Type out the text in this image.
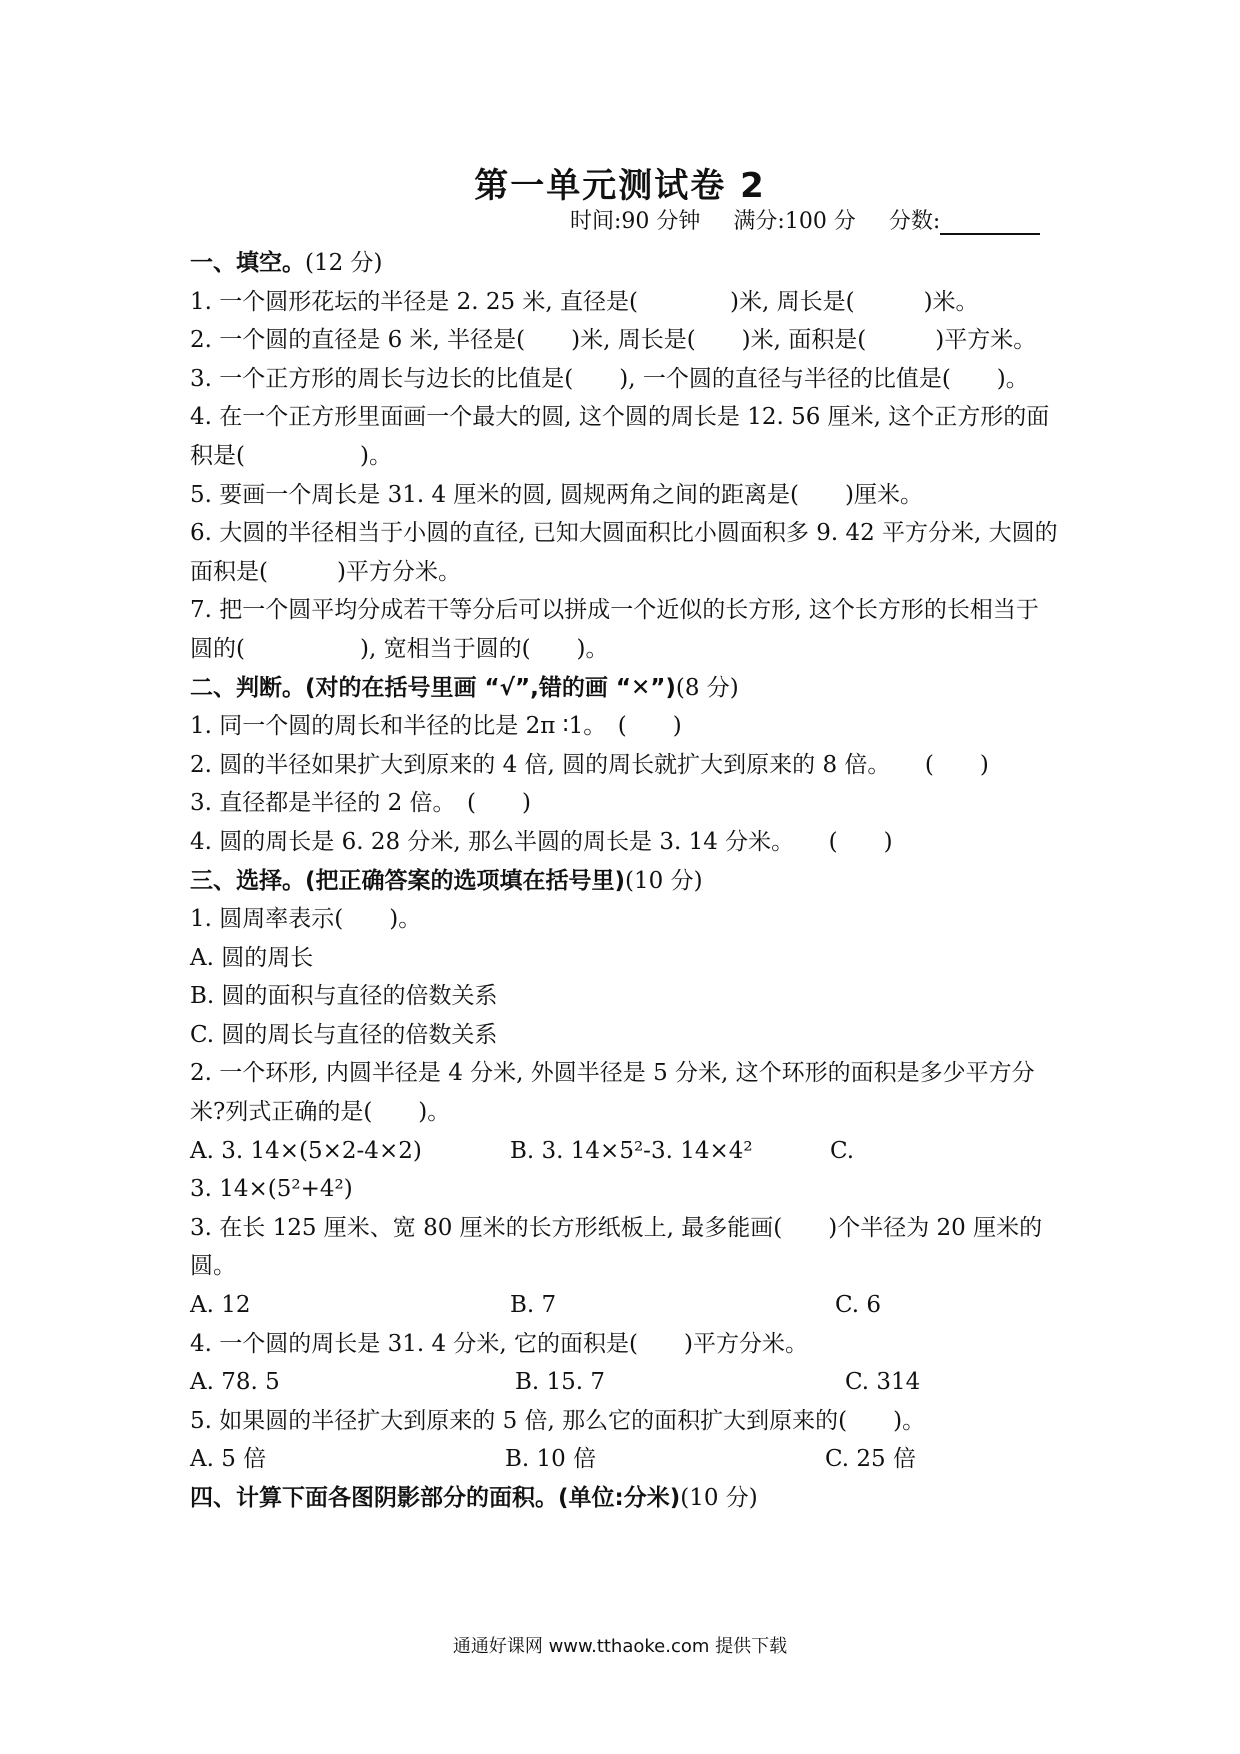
第一单元测试卷 2
时间:90 分钟 满分:100 分 分数:
一、填空。(12 分)

1. 一个圆形花坛的半径是 2. 25 米, 直径是(　　　　)米, 周长是(　　　)米。

2. 一个圆的直径是 6 米, 半径是(　　)米, 周长是(　　)米, 面积是(　　　)平方米。

3. 一个正方形的周长与边长的比值是(　　), 一个圆的直径与半径的比值是(　　)。

4. 在一个正方形里面画一个最大的圆, 这个圆的周长是 12. 56 厘米, 这个正方形的面积是(　　　　　)。

5. 要画一个周长是 31. 4 厘米的圆, 圆规两角之间的距离是(　　)厘米。

6. 大圆的半径相当于小圆的直径, 已知大圆面积比小圆面积多 9. 42 平方分米, 大圆的面积是(　　　)平方分米。

7. 把一个圆平均分成若干等分后可以拼成一个近似的长方形, 这个长方形的长相当于圆的(　　　　　), 宽相当于圆的(　　)。

二、判断。(对的在括号里画 “√”,错的画 “✕”)(8 分)

1. 同一个圆的周长和半径的比是 2π ∶1。　(　　)

2. 圆的半径如果扩大到原来的 4 倍, 圆的周长就扩大到原来的 8 倍。　　(　　)

3. 直径都是半径的 2 倍。　(　　)

4. 圆的周长是 6. 28 分米, 那么半圆的周长是 3. 14 分米。　　(　　)

三、选择。(把正确答案的选项填在括号里)(10 分)

1. 圆周率表示(　　)。

A. 圆的周长

B. 圆的面积与直径的倍数关系

C. 圆的周长与直径的倍数关系

2. 一个环形, 内圆半径是 4 分米, 外圆半径是 5 分米, 这个环形的面积是多少平方分米?列式正确的是(　　)。

A. 3. 14×(5×2-4×2)	B. 3. 14×5²-3. 14×4²	C.

3. 14×(5²+4²)

3. 在长 125 厘米、宽 80 厘米的长方形纸板上, 最多能画(　　)个半径为 20 厘米的圆。

A. 12	B. 7	C. 6

4. 一个圆的周长是 31. 4 分米, 它的面积是(　　)平方分米。

A. 78. 5	B. 15. 7	C. 314

5. 如果圆的半径扩大到原来的 5 倍, 那么它的面积扩大到原来的(　　)。

A. 5 倍	B. 10 倍	C. 25 倍
四、计算下面各图阴影部分的面积。(单位:分米)(10 分)
通通好课网 www.tthaoke.com 提供下载
